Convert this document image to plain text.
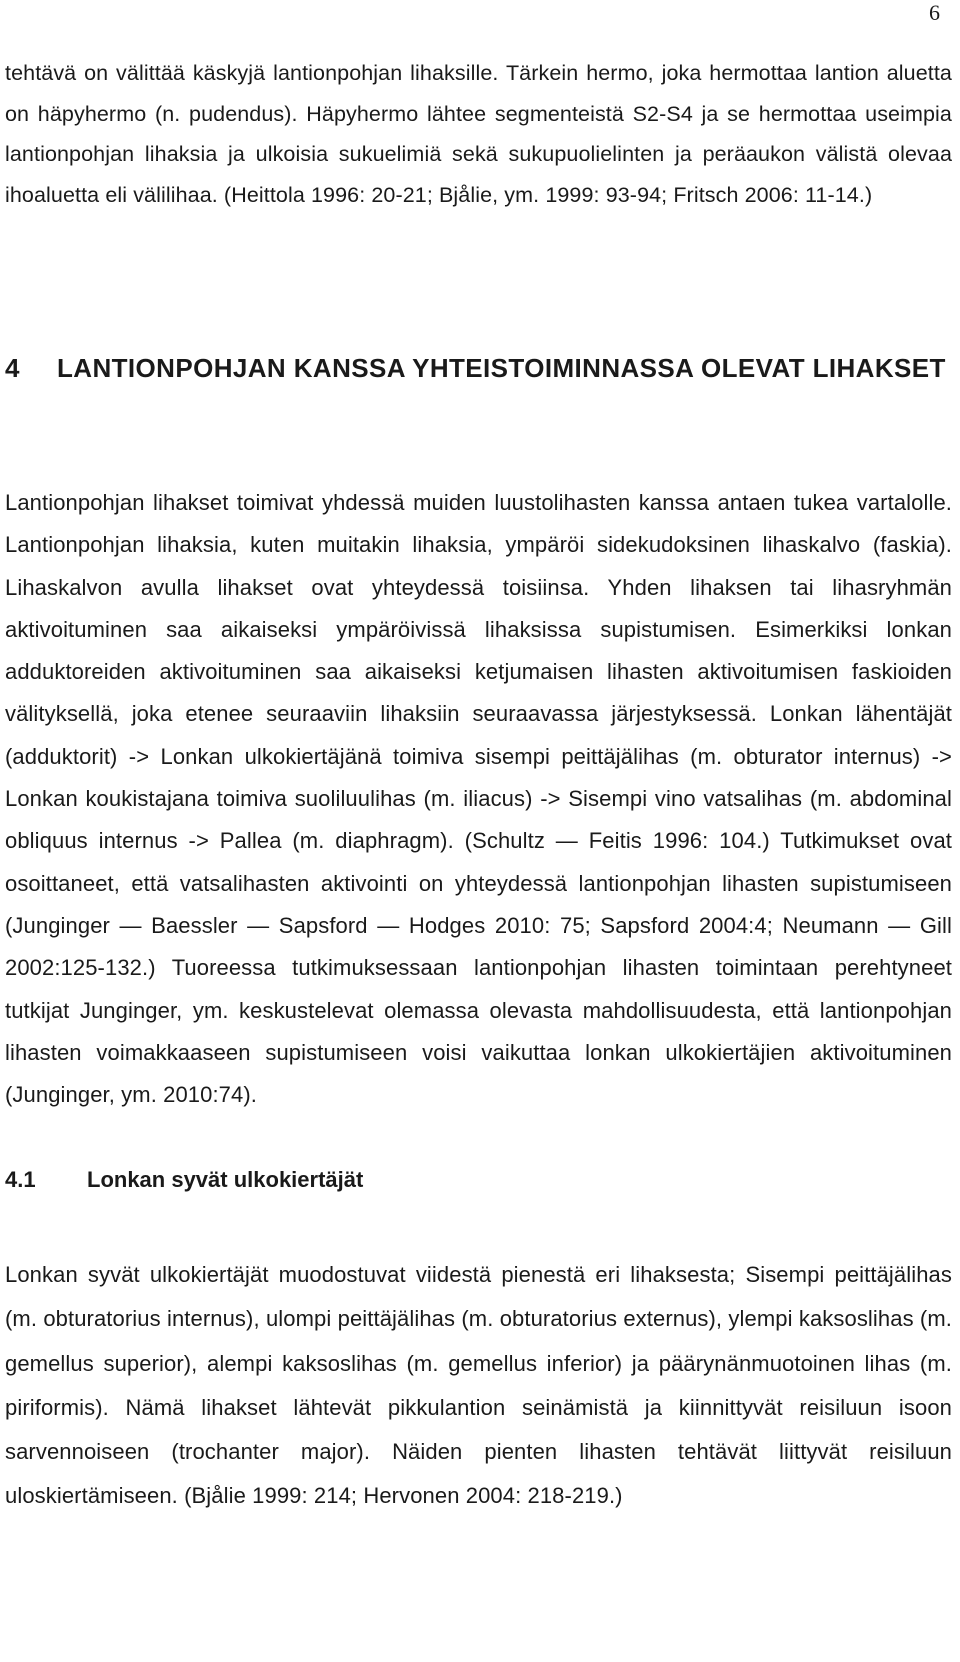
6

tehtävä on välittää käskyjä lantionpohjan lihaksille. Tärkein hermo, joka hermottaa lantion aluetta on häpyhermo (n. pudendus). Häpyhermo lähtee segmenteistä S2-S4 ja se hermottaa useimpia lantionpohjan lihaksia ja ulkoisia sukuelimiä sekä sukupuolielinten ja peräaukon välistä olevaa ihoaluetta eli välilihaa. (Heittola 1996: 20-21; Bjålie, ym. 1999: 93-94; Fritsch 2006: 11-14.)

4 LANTIONPOHJAN KANSSA YHTEISTOIMINNASSA OLEVAT LIHAKSET

Lantionpohjan lihakset toimivat yhdessä muiden luustolihasten kanssa antaen tukea vartalolle. Lantionpohjan lihaksia, kuten muitakin lihaksia, ympäröi sidekudoksinen lihaskalvo (faskia). Lihaskalvon avulla lihakset ovat yhteydessä toisiinsa. Yhden lihaksen tai lihasryhmän aktivoituminen saa aikaiseksi ympäröivissä lihaksissa supistumisen. Esimerkiksi lonkan adduktoreiden aktivoituminen saa aikaiseksi ketjumaisen lihasten aktivoitumisen faskioiden välityksellä, joka etenee seuraaviin lihaksiin seuraavassa järjestyksessä. Lonkan lähentäjät (adduktorit) -> Lonkan ulkokiertäjänä toimiva sisempi peittäjälihas (m. obturator internus) -> Lonkan koukistajana toimiva suoliluulihas (m. iliacus) -> Sisempi vino vatsalihas (m. abdominal obliquus internus -> Pallea (m. diaphragm). (Schultz — Feitis 1996: 104.) Tutkimukset ovat osoittaneet, että vatsalihasten aktivointi on yhteydessä lantionpohjan lihasten supistumiseen (Junginger — Baessler — Sapsford — Hodges 2010: 75; Sapsford 2004:4; Neumann — Gill 2002:125-132.) Tuoreessa tutkimuksessaan lantionpohjan lihasten toimintaan perehtyneet tutkijat Junginger, ym. keskustelevat olemassa olevasta mahdollisuudesta, että lantionpohjan lihasten voimakkaaseen supistumiseen voisi vaikuttaa lonkan ulkokiertäjien aktivoituminen (Junginger, ym. 2010:74).

4.1 Lonkan syvät ulkokiertäjät

Lonkan syvät ulkokiertäjät muodostuvat viidestä pienestä eri lihaksesta; Sisempi peittäjälihas (m. obturatorius internus), ulompi peittäjälihas (m. obturatorius externus), ylempi kaksoslihas (m. gemellus superior), alempi kaksoslihas (m. gemellus inferior) ja päärynänmuotoinen lihas (m. piriformis). Nämä lihakset lähtevät pikkulantion seinämistä ja kiinnittyvät reisiluun isoon sarvennoiseen (trochanter major). Näiden pienten lihasten tehtävät liittyvät reisiluun uloskiertämiseen. (Bjålie 1999: 214; Hervonen 2004: 218-219.)
